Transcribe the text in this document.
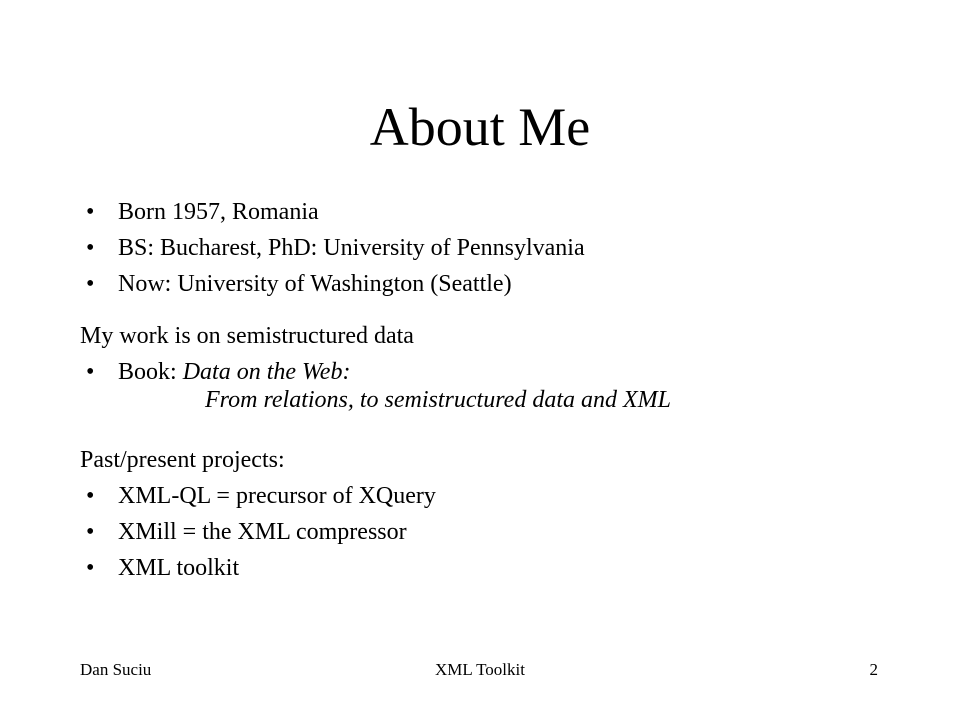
About Me
• Born 1957, Romania
• BS: Bucharest, PhD: University of Pennsylvania
• Now: University of Washington (Seattle)

My work is on semistructured data

• Book: Data on the Web:
From relations, to semistructured data and XML

Past/present projects:

• XML-QL = precursor of XQuery
• XMill = the XML compressor
• XML toolkit
Dan Suciu	XML Toolkit	2
